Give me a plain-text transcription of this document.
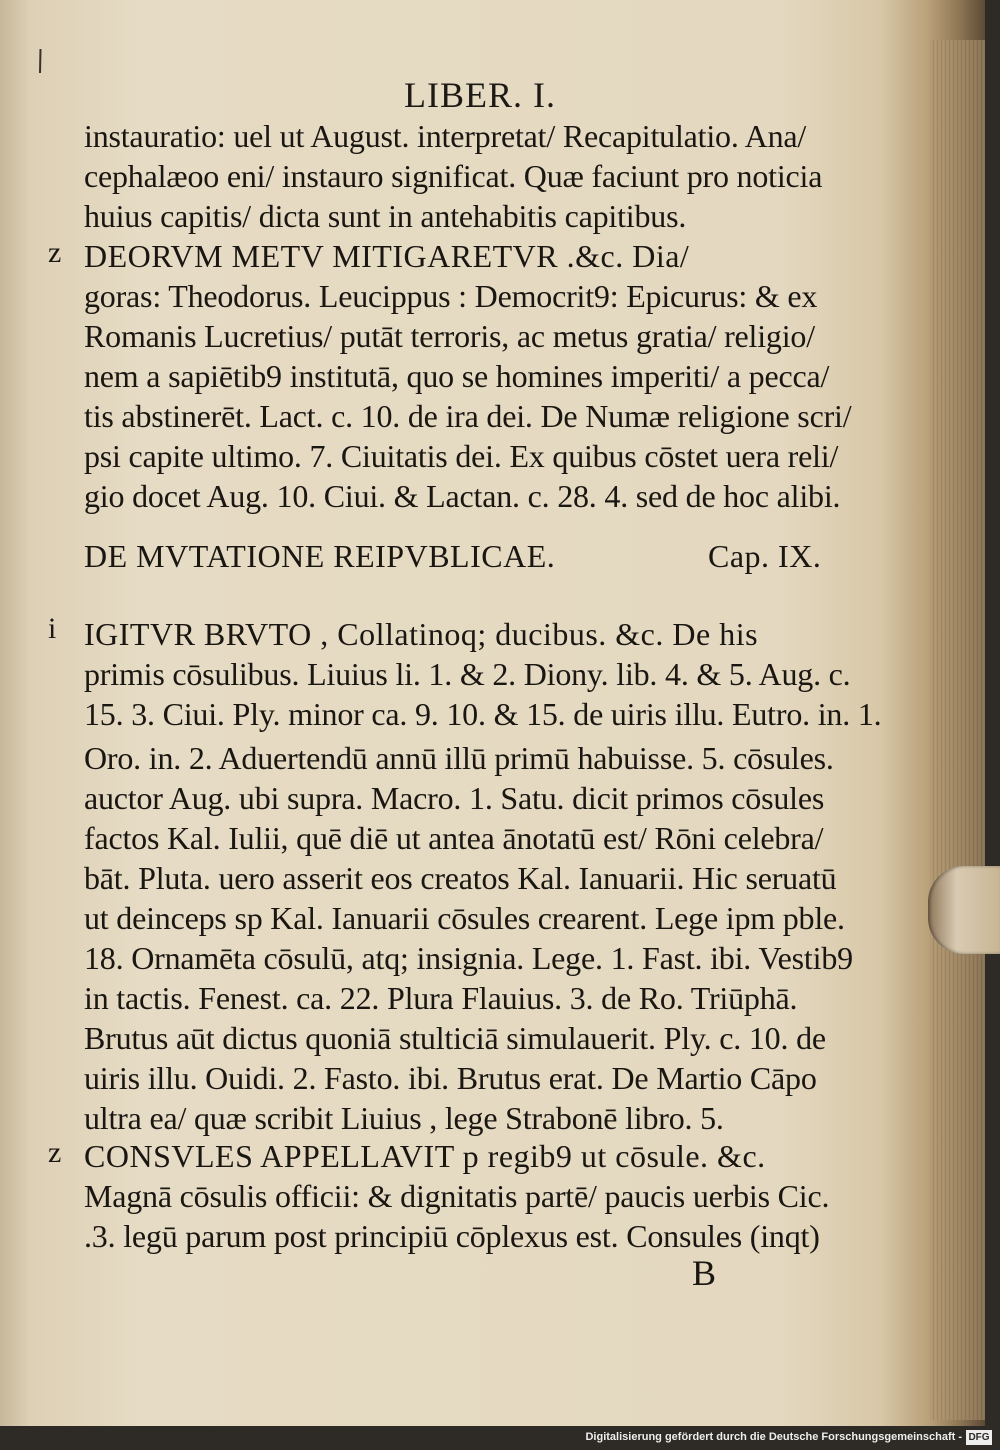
LIBER. I.
instauratio: uel ut August. interpretat/ Recapitulatio. Ana/
cephalæoo eni/ instauro significat. Quæ faciunt pro noticia
huius capitis/ dicta sunt in antehabitis capitibus.
z DEORVM METV MITIGARETVR .&c. Dia/
goras: Theodorus. Leucippus : Democrit9: Epicurus: & ex
Romanis Lucretius/ putāt terroris, ac metus gratia/ religio/
nem a sapiētib9 institutā, quo se homines imperiti/ a pecca/
tis abstinerēt. Lact. c. 10. de ira dei. De Numæ religione scri/
psi capite ultimo. 7. Ciuitatis dei. Ex quibus cōstet uera reli/
gio docet Aug. 10. Ciui. & Lactan. c. 28. 4. sed de hoc alibi.
DE MVTATIONE REIPVBLICAE.	Cap. IX.
i IGITVR BRVTO , Collatinoq; ducibus. &c. De his
primis cōsulibus. Liuius li. 1. & 2. Diony. lib. 4. & 5. Aug. c.
15. 3. Ciui. Ply. minor ca. 9. 10. & 15. de uiris illu. Eutro. in. 1.
Oro. in. 2. Aduertendū annū illū primū habuisse. 5. cōsules.
auctor Aug. ubi supra. Macro. 1. Satu. dicit primos cōsules
factos Kal. Iulii, quē diē ut antea ānotatū est/ Rōni celebra/
bāt. Pluta. uero asserit eos creatos Kal. Ianuarii. Hic seruatū
ut deinceps sp Kal. Ianuarii cōsules crearent. Lege ipm pble.
18. Ornamēta cōsulū, atq; insignia. Lege. 1. Fast. ibi. Vestib9
in tactis. Fenest. ca. 22. Plura Flauius. 3. de Ro. Triūphā.
Brutus aūt dictus quoniā stulticiā simulauerit. Ply. c. 10. de
uiris illu. Ouidi. 2. Fasto. ibi. Brutus erat. De Martio Cāpo
ultra ea/ quæ scribit Liuius , lege Strabonē libro. 5.
z CONSVLES APPELLAVIT p regib9 ut cōsule. &c.
Magnā cōsulis officii: & dignitatis partē/ paucis uerbis Cic.
.3. legū parum post principiū cōplexus est. Consules (inqt)
B
Digitalisierung gefördert durch die Deutsche Forschungsgemeinschaft - DFG
